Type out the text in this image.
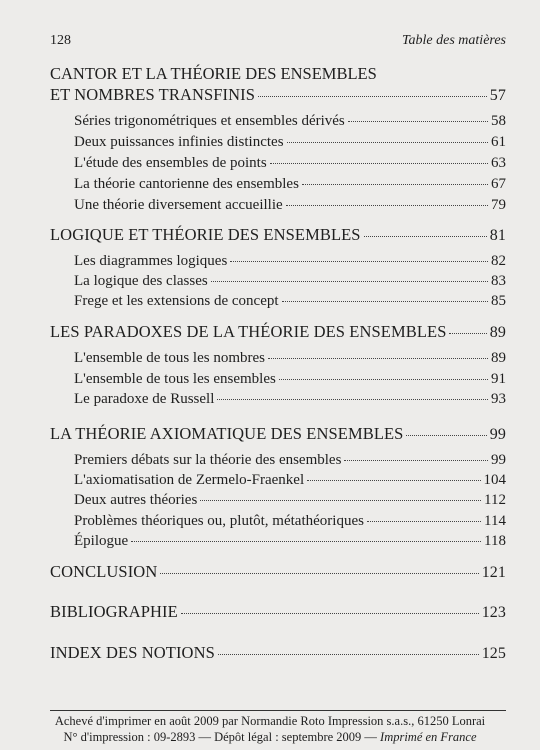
128	Table des matières
CANTOR ET LA THÉORIE DES ENSEMBLES
ET NOMBRES TRANSFINIS	57
Séries trigonométriques et ensembles dérivés	58
Deux puissances infinies distinctes	61
L'étude des ensembles de points	63
La théorie cantorienne des ensembles	67
Une théorie diversement accueillie	79
LOGIQUE ET THÉORIE DES ENSEMBLES	81
Les diagrammes logiques	82
La logique des classes	83
Frege et les extensions de concept	85
LES PARADOXES DE LA THÉORIE DES ENSEMBLES	89
L'ensemble de tous les nombres	89
L'ensemble de tous les ensembles	91
Le paradoxe de Russell	93
LA THÉORIE AXIOMATIQUE DES ENSEMBLES	99
Premiers débats sur la théorie des ensembles	99
L'axiomatisation de Zermelo-Fraenkel	104
Deux autres théories	112
Problèmes théoriques ou, plutôt, métathéoriques	114
Épilogue	118
CONCLUSION	121
BIBLIOGRAPHIE	123
INDEX DES NOTIONS	125
Achevé d'imprimer en août 2009 par Normandie Roto Impression s.a.s., 61250 Lonrai
N° d'impression : 09-2893 — Dépôt légal : septembre 2009 — Imprimé en France
